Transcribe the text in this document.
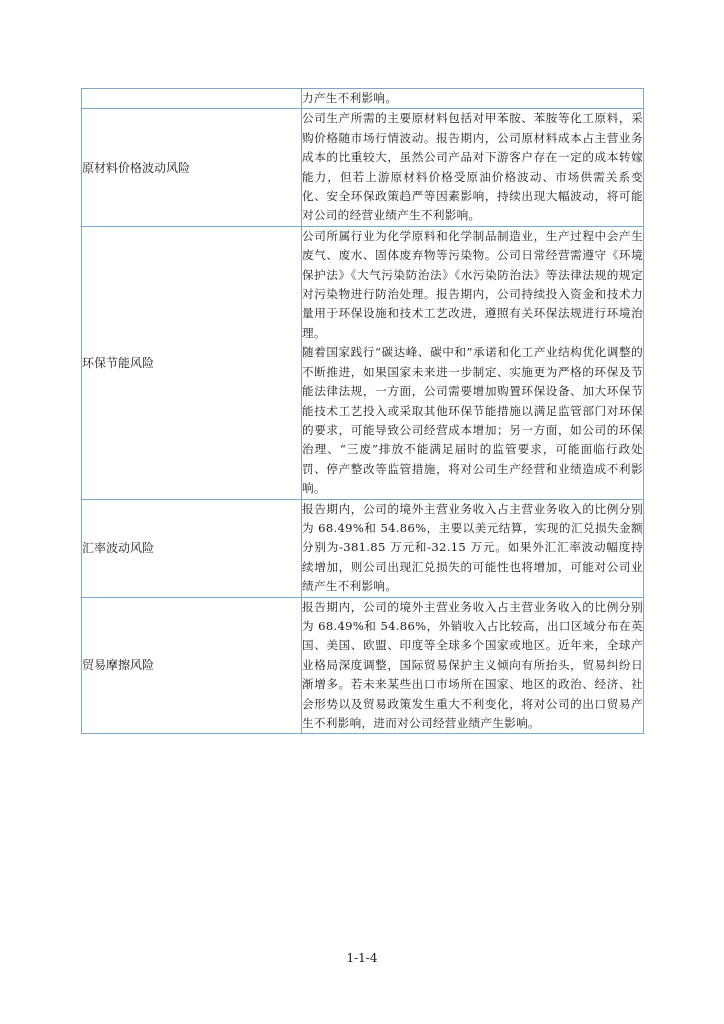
	力产生不利影响。

原材料价格波动风险	公司生产所需的主要原材料包括对甲苯胺、苯胺等化工原料，采购价格随市场行情波动。报告期内，公司原材料成本占主营业务成本的比重较大，虽然公司产品对下游客户存在一定的成本转嫁能力，但若上游原材料价格受原油价格波动、市场供需关系变化、安全环保政策趋严等因素影响，持续出现大幅波动，将可能对公司的经营业绩产生不利影响。

环保节能风险	公司所属行业为化学原料和化学制品制造业，生产过程中会产生废气、废水、固体废弃物等污染物。公司日常经营需遵守《环境保护法》《大气污染防治法》《水污染防治法》等法律法规的规定对污染物进行防治处理。报告期内，公司持续投入资金和技术力量用于环保设施和技术工艺改进，遵照有关环保法规进行环境治理。
随着国家践行“碳达峰、碳中和”承诺和化工产业结构优化调整的不断推进，如果国家未来进一步制定、实施更为严格的环保及节能法律法规，一方面，公司需要增加购置环保设备、加大环保节能技术工艺投入或采取其他环保节能措施以满足监管部门对环保的要求，可能导致公司经营成本增加；另一方面，如公司的环保治理、“三废”排放不能满足届时的监管要求，可能面临行政处罚、停产整改等监管措施，将对公司生产经营和业绩造成不利影响。

汇率波动风险	报告期内，公司的境外主营业务收入占主营业务收入的比例分别为 68.49%和 54.86%，主要以美元结算，实现的汇兑损失金额分别为-381.85 万元和-32.15 万元。如果外汇汇率波动幅度持续增加，则公司出现汇兑损失的可能性也将增加，可能对公司业绩产生不利影响。

贸易摩擦风险	报告期内，公司的境外主营业务收入占主营业务收入的比例分别为 68.49%和 54.86%，外销收入占比较高，出口区域分布在英国、美国、欧盟、印度等全球多个国家或地区。近年来，全球产业格局深度调整，国际贸易保护主义倾向有所抬头，贸易纠纷日渐增多。若未来某些出口市场所在国家、地区的政治、经济、社会形势以及贸易政策发生重大不利变化，将对公司的出口贸易产生不利影响，进而对公司经营业绩产生影响。
1-1-4
